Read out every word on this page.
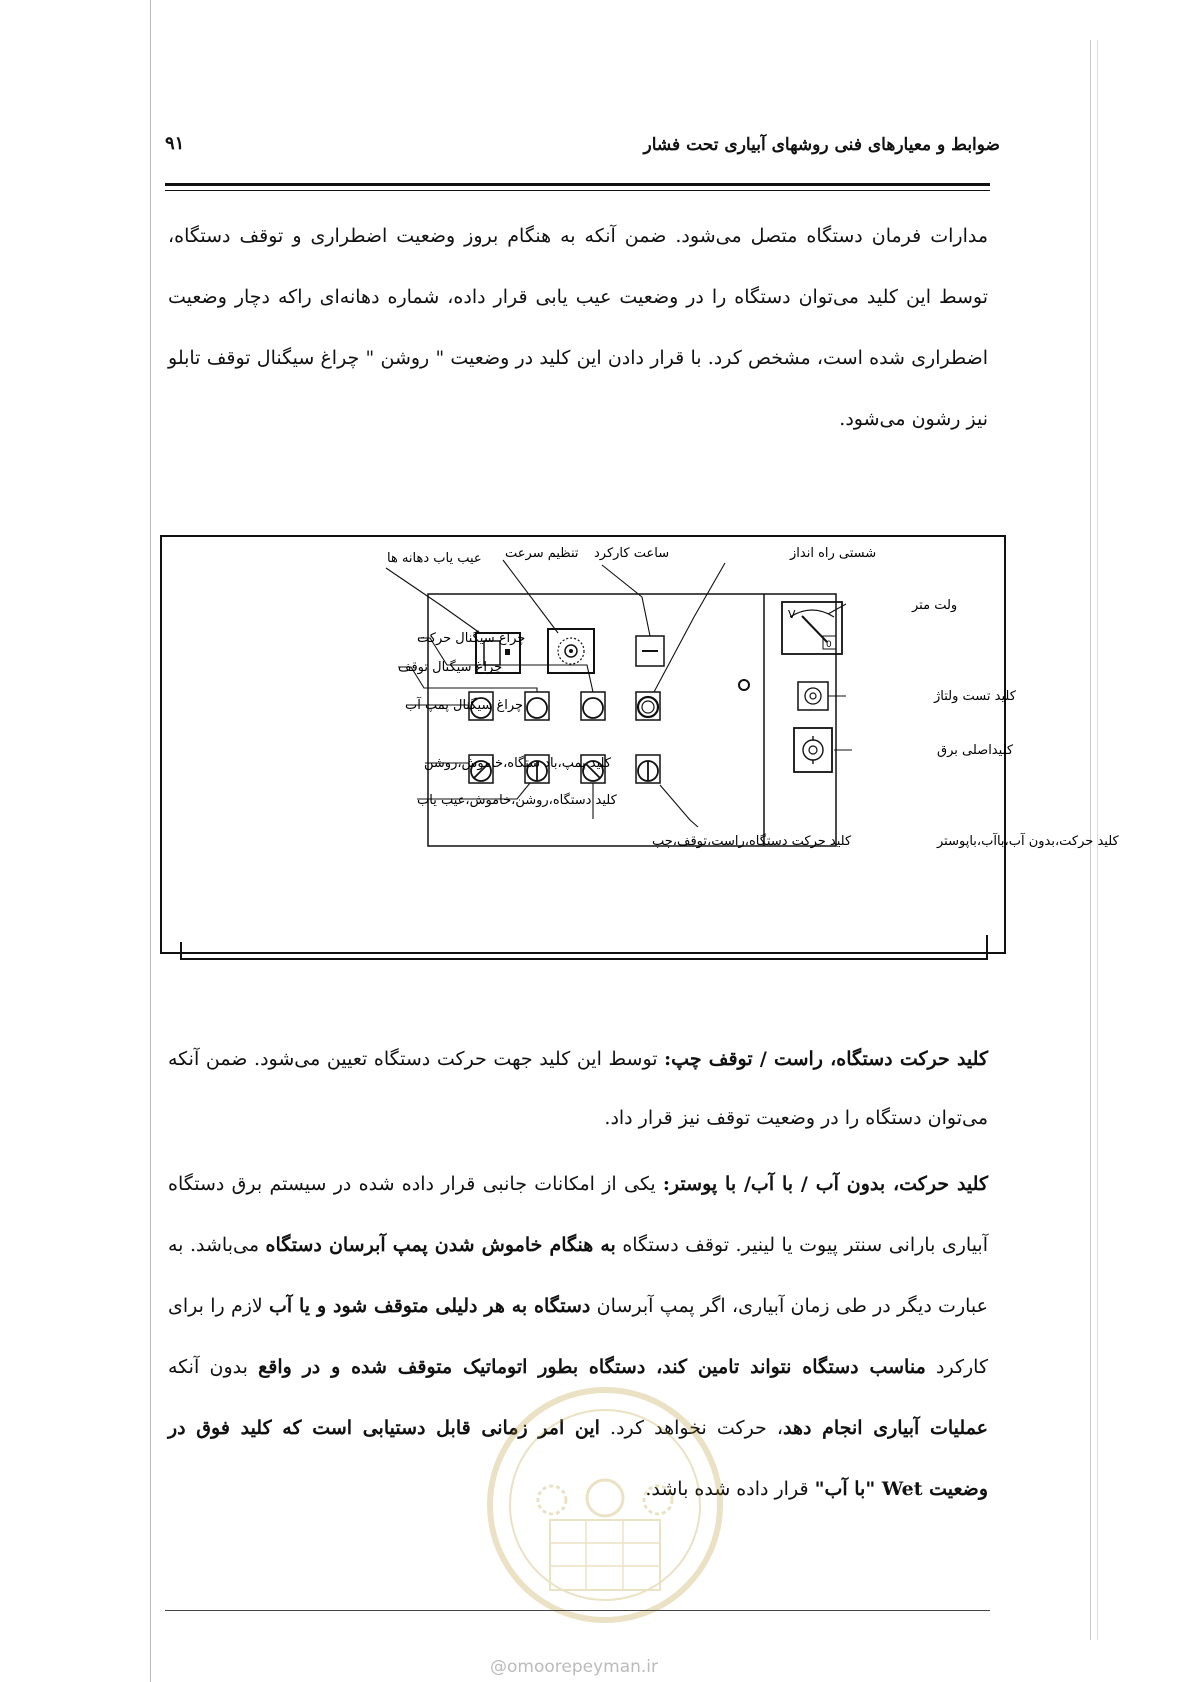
ضوابط و معیارهای فنی روشهای آبیاری تحت فشار
۹۱

مدارات فرمان دستگاه متصل می‌شود. ضمن آنکه به هنگام بروز وضعیت اضطراری و توقف دستگاه، توسط این کلید می‌توان دستگاه را در وضعیت عیب یابی قرار داده، شماره دهانه‌ای راکه دچار وضعیت اضطراری شده است، مشخص کرد. با قرار دادن این کلید در وضعیت " روشن " چراغ سیگنال توقف تابلو نیز رشون می‌شود.

V
0
عیب یاب دهانه ها تنظیم سرعت ساعت کارکرد	شستی راه انداز
ولت متر
چراغ سیگنال حرکت
چراغ سیگنال توقف
چراغ سیگنال پمپ آب
کلید تست ولتاژ
کلید پمپ،باد ستگاه،خاموش،روشن
کلیداصلی برق
کلید دستگاه،روشن،خاموش،عیب یاب
کلید حرکت دستگاه،راست،توقف،چپ	کلید حرکت،بدون آب،باآب،باپوستر

کلید حرکت دستگاه، راست / توقف چپ: توسط این کلید جهت حرکت دستگاه تعیین می‌شود. ضمن آنکه می‌توان دستگاه را در وضعیت توقف نیز قرار داد.

کلید حرکت، بدون آب / با آب/ با پوستر: یکی از امکانات جانبی قرار داده شده در سیستم برق دستگاه آبیاری بارانی سنتر پیوت یا لینیر. توقف دستگاه به هنگام خاموش شدن پمپ آبرسان دستگاه می‌باشد. به عبارت دیگر در طی زمان آبیاری، اگر پمپ آبرسان دستگاه به هر دلیلی متوقف شود و یا آب لازم را برای کارکرد مناسب دستگاه نتواند تامین کند، دستگاه بطور اتوماتیک متوقف شده و در واقع بدون آنکه عملیات آبیاری انجام دهد، حرکت نخواهد کرد. این امر زمانی قابل دستیابی است که کلید فوق در وضعیت Wet "با آب" قرار داده شده باشد.

@omoorepeyman.ir
